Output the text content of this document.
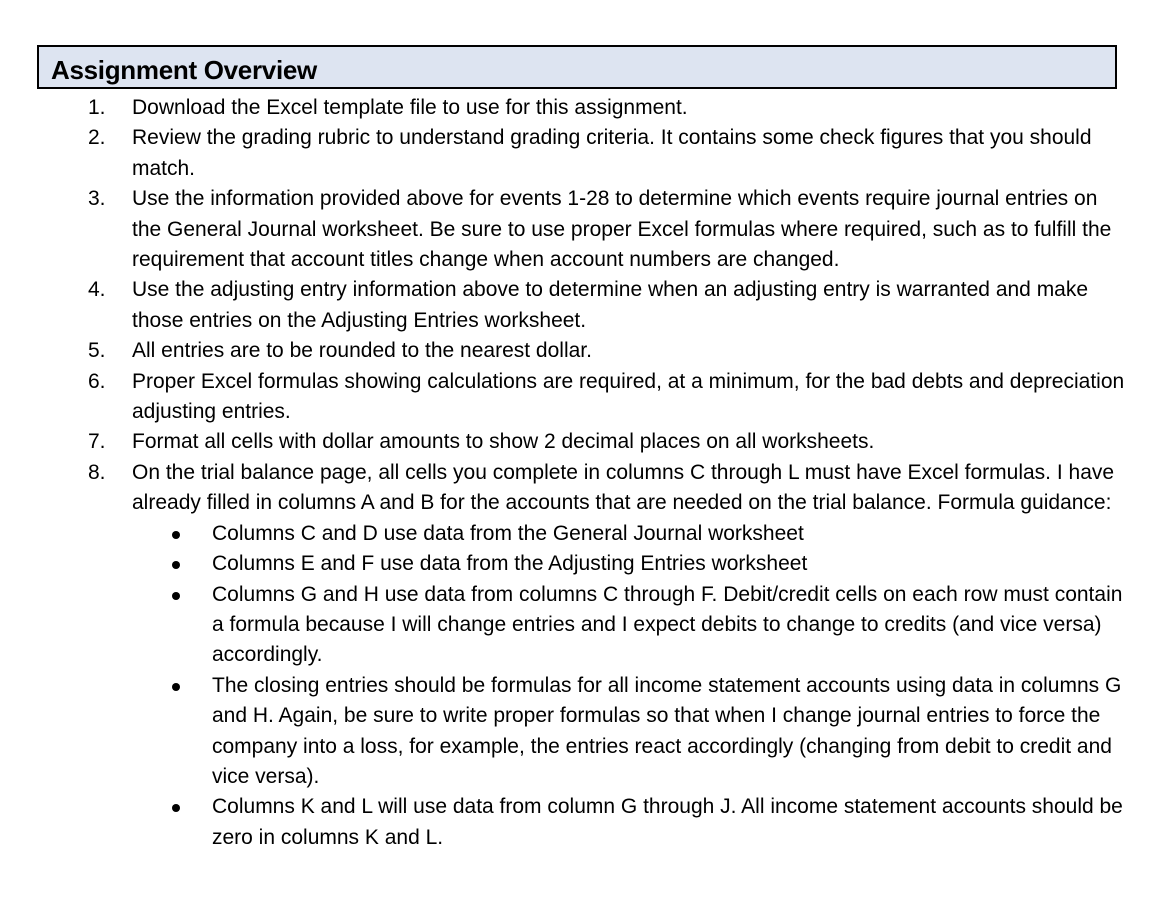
Assignment Overview
1. Download the Excel template file to use for this assignment.
2. Review the grading rubric to understand grading criteria. It contains some check figures that you should match.
3. Use the information provided above for events 1-28 to determine which events require journal entries on the General Journal worksheet. Be sure to use proper Excel formulas where required, such as to fulfill the requirement that account titles change when account numbers are changed.
4. Use the adjusting entry information above to determine when an adjusting entry is warranted and make those entries on the Adjusting Entries worksheet.
5. All entries are to be rounded to the nearest dollar.
6. Proper Excel formulas showing calculations are required, at a minimum, for the bad debts and depreciation adjusting entries.
7. Format all cells with dollar amounts to show 2 decimal places on all worksheets.
8. On the trial balance page, all cells you complete in columns C through L must have Excel formulas. I have already filled in columns A and B for the accounts that are needed on the trial balance. Formula guidance:
Columns C and D use data from the General Journal worksheet
Columns E and F use data from the Adjusting Entries worksheet
Columns G and H use data from columns C through F. Debit/credit cells on each row must contain a formula because I will change entries and I expect debits to change to credits (and vice versa) accordingly.
The closing entries should be formulas for all income statement accounts using data in columns G and H. Again, be sure to write proper formulas so that when I change journal entries to force the company into a loss, for example, the entries react accordingly (changing from debit to credit and vice versa).
Columns K and L will use data from column G through J. All income statement accounts should be zero in columns K and L.
